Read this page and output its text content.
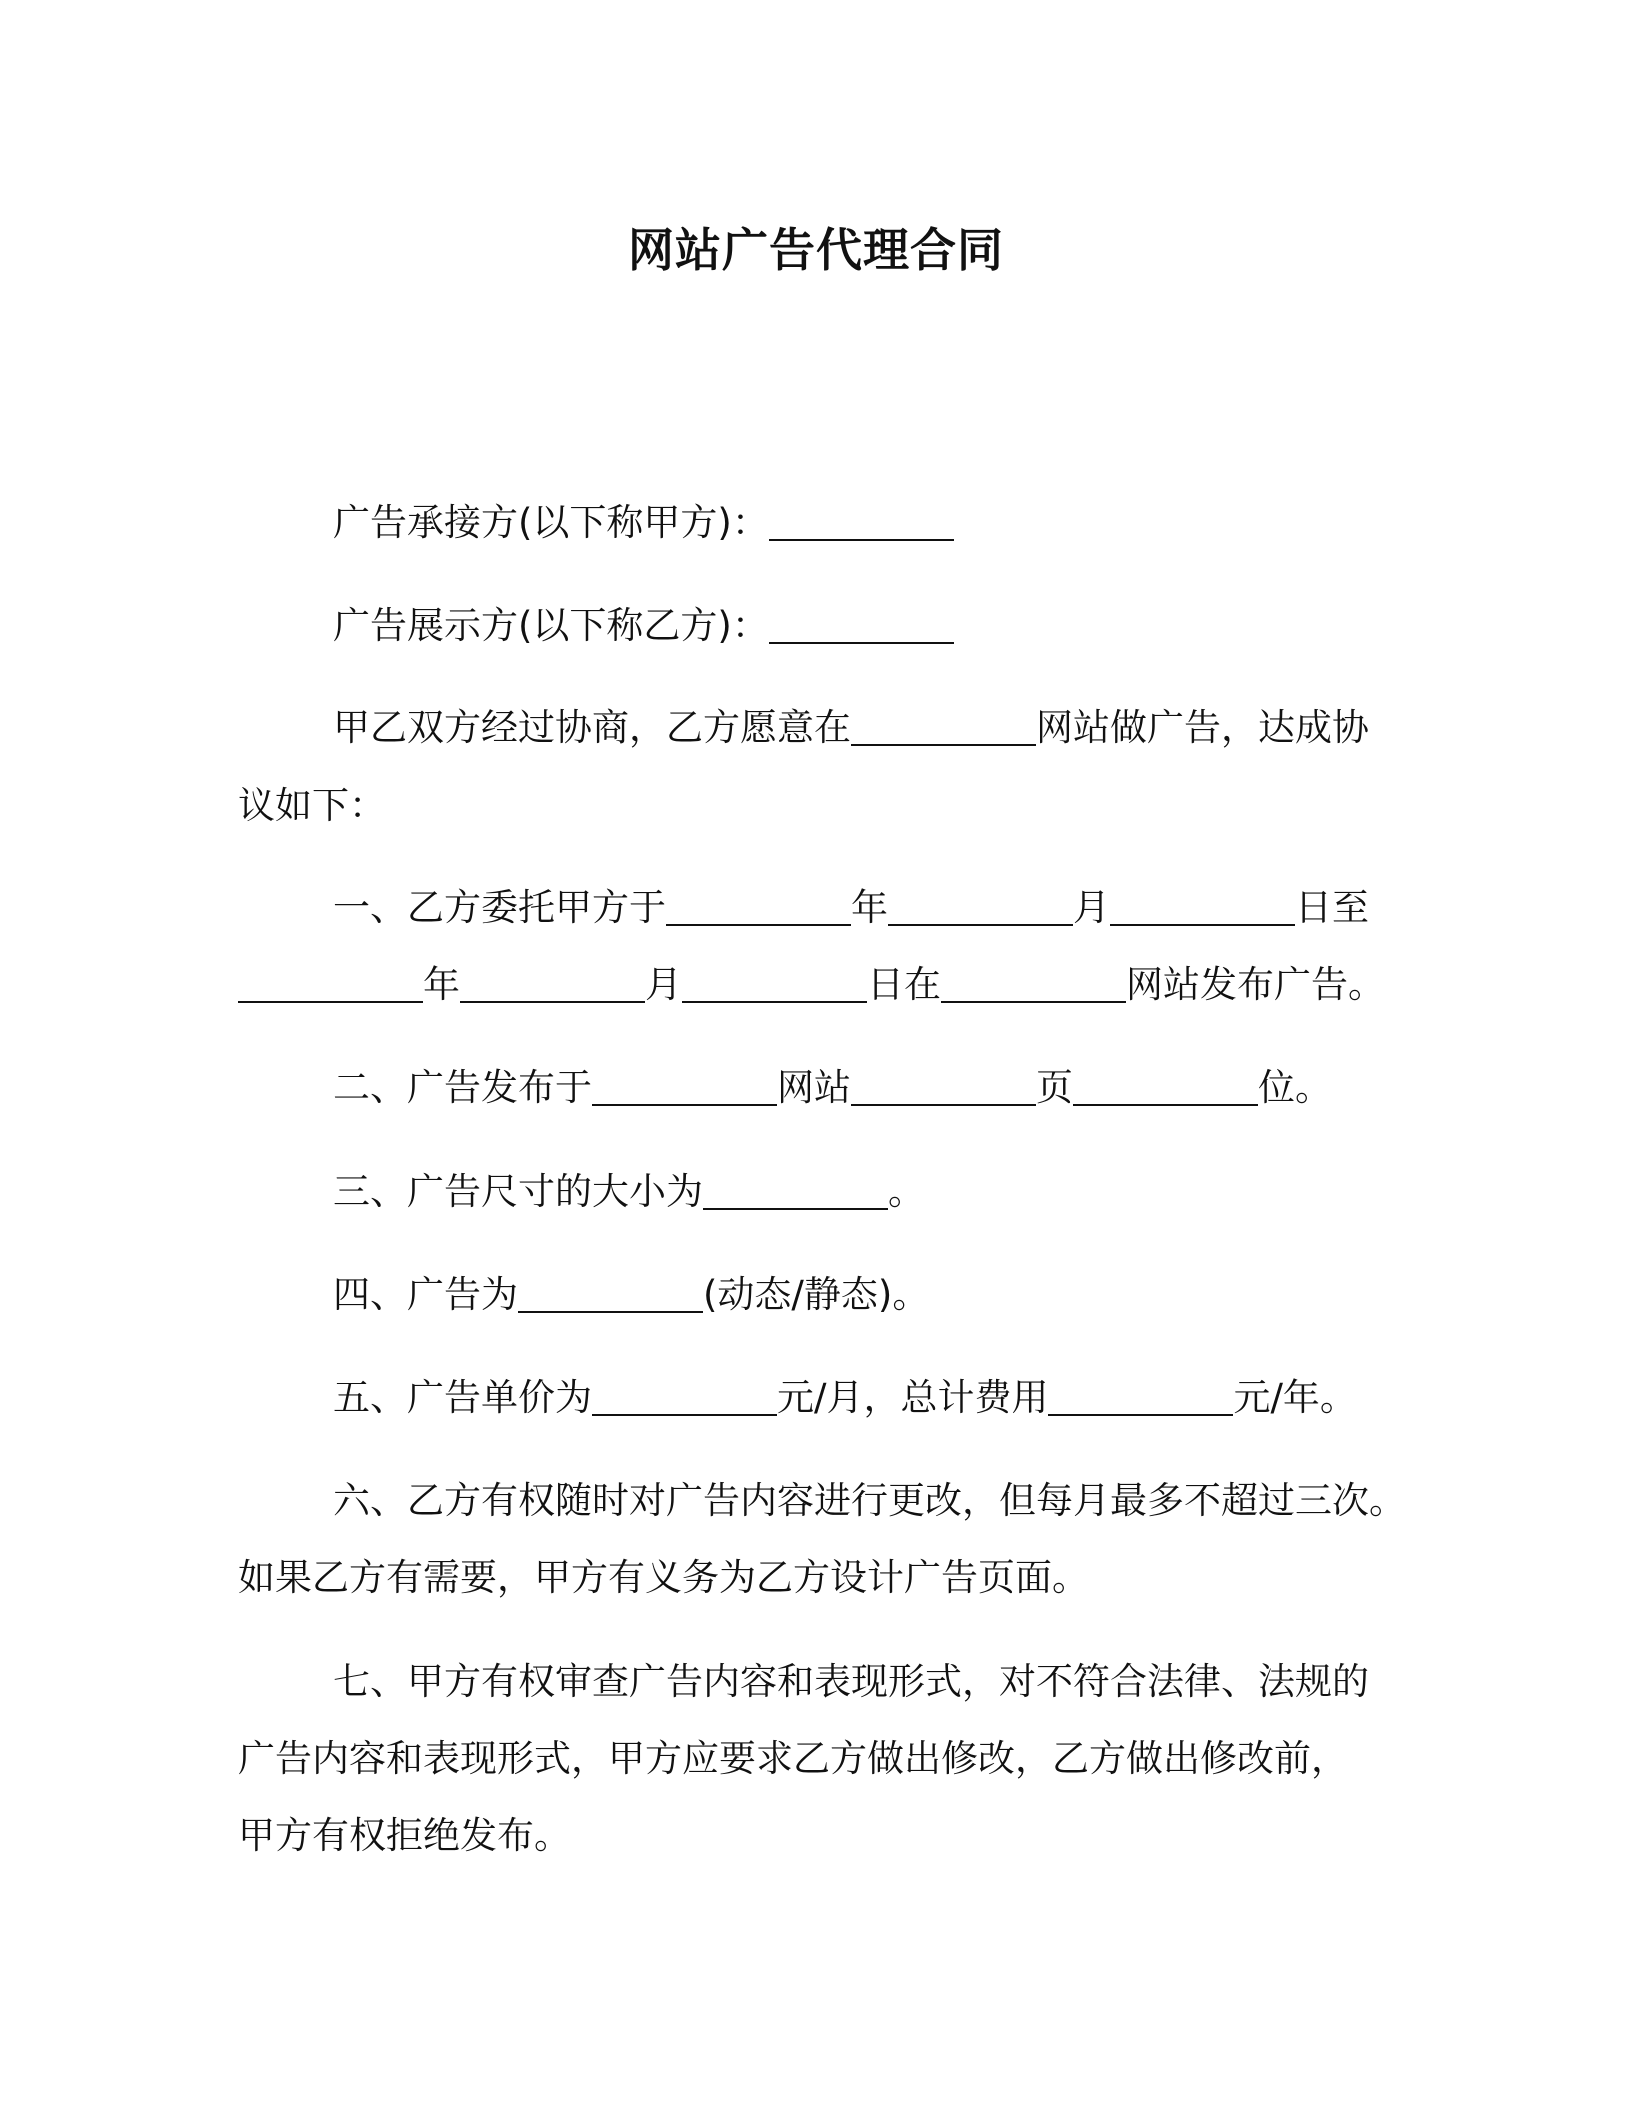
网站广告代理合同
广告承接方(以下称甲方)：
广告展示方(以下称乙方)：
甲乙双方经过协商，乙方愿意在	网站做广告，达成协
议如下：
一、乙方委托甲方于	年	月	日至
年	月	日在	网站发布广告。
二、广告发布于	网站	页	位。
三、广告尺寸的大小为	。
四、广告为	(动态/静态)。
五、广告单价为	元/月，总计费用	元/年。
六、乙方有权随时对广告内容进行更改，但每月最多不超过三次。
如果乙方有需要，甲方有义务为乙方设计广告页面。
七、甲方有权审查广告内容和表现形式，对不符合法律、法规的
广告内容和表现形式，甲方应要求乙方做出修改，乙方做出修改前，
甲方有权拒绝发布。
